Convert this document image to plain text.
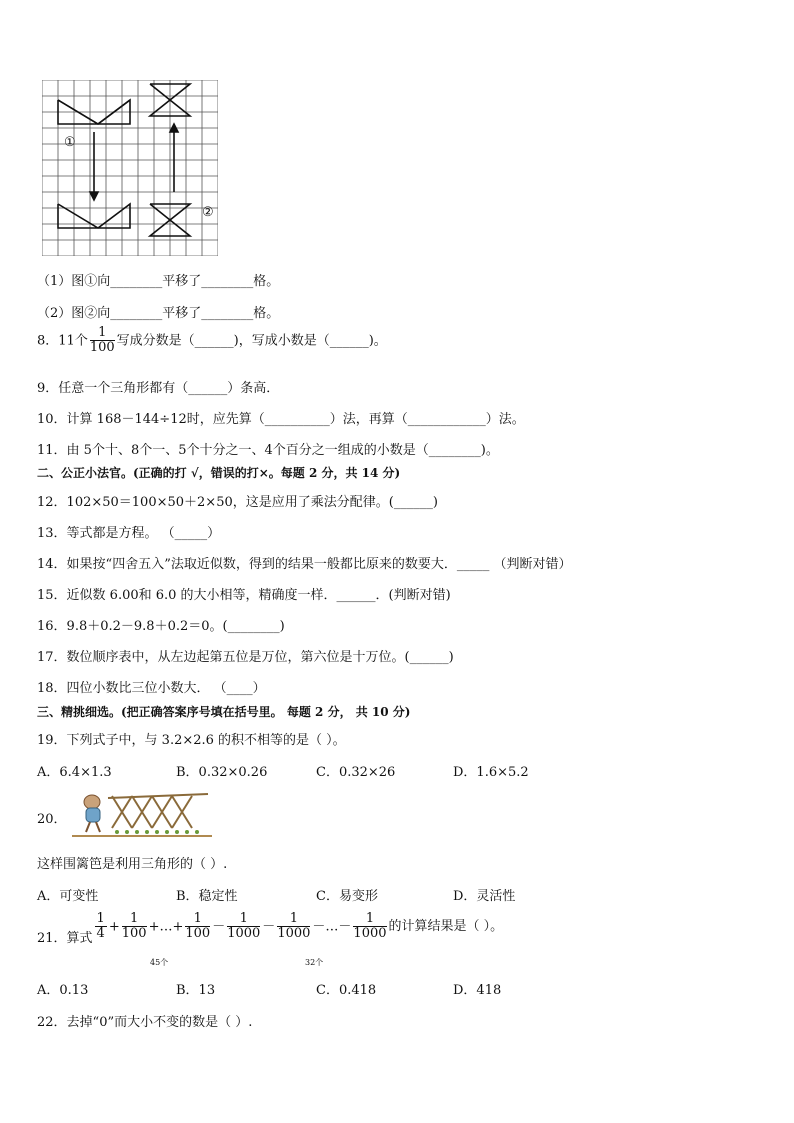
①
②
（1）图①向________平移了________格。
（2）图②向________平移了________格。
8．11个 $\frac{1}{100}$ 写成分数是（______)，写成小数是（______)。
9．任意一个三角形都有（______）条高．
10．计算 168－144÷12时，应先算（__________）法，再算（____________）法。
11．由 5个十、8个一、5个十分之一、4个百分之一组成的小数是（________)。
二、公正小法官。(正确的打 √，错误的打×。每题 2 分，共 14 分)
12．102×50＝100×50＋2×50，这是应用了乘法分配律。(______)
13．等式都是方程。 （_____）
14．如果按“四舍五入”法取近似数，得到的结果一般都比原来的数要大．_____ （判断对错）
15．近似数 6.00和 6.0 的大小相等，精确度一样．______．(判断对错)
16．9.8＋0.2－9.8＋0.2＝0。(________)
17．数位顺序表中，从左边起第五位是万位，第六位是十万位。(______)
18．四位小数比三位小数大． （____）
三、精挑细选。(把正确答案序号填在括号里。 每题 2 分， 共 10 分)
19．下列式子中，与 3.2×2.6 的积不相等的是（ ）。
A．6.4×1.3	B．0.32×0.26	C．0.32×26	D．1.6×5.2
20．
这样围篱笆是利用三角形的（ ）.
A．可变性	B．稳定性	C．易变形	D．灵活性
21．算式 $\frac{1}{4} + \frac{1}{100}$ +…+ $\frac{1}{100} - \frac{1}{1000} - \frac{1}{1000}$ －…－ $\frac{1}{1000}$ 的计算结果是（ ）。
45个	32个
A．0.13	B．13	C．0.418	D．418
22．去掉“0”而大小不变的数是（ ）.
